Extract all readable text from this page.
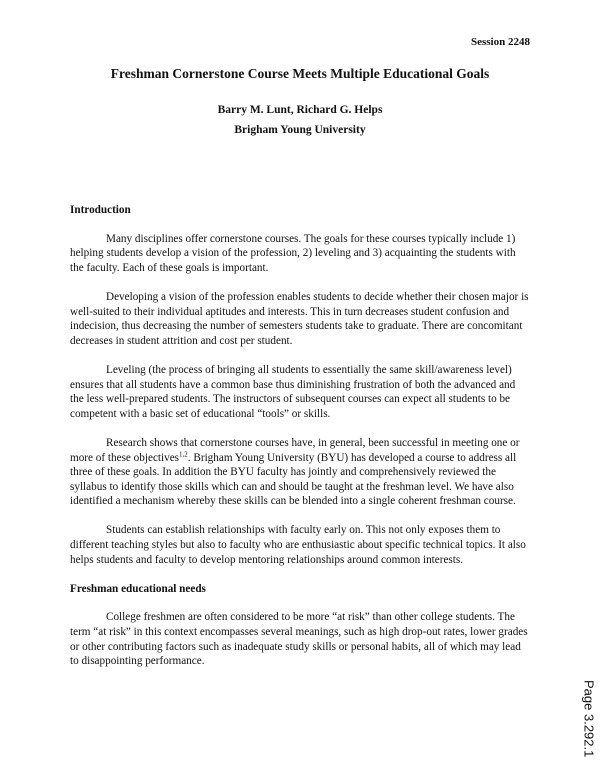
Session 2248
Freshman Cornerstone Course Meets Multiple Educational Goals
Barry M. Lunt, Richard G. Helps
Brigham Young University
Introduction

Many disciplines offer cornerstone courses. The goals for these courses typically include 1) helping students develop a vision of the profession, 2) leveling and 3) acquainting the students with the faculty. Each of these goals is important.

Developing a vision of the profession enables students to decide whether their chosen major is well-suited to their individual aptitudes and interests. This in turn decreases student confusion and indecision, thus decreasing the number of semesters students take to graduate. There are concomitant decreases in student attrition and cost per student.

Leveling (the process of bringing all students to essentially the same skill/awareness level) ensures that all students have a common base thus diminishing frustration of both the advanced and the less well-prepared students. The instructors of subsequent courses can expect all students to be competent with a basic set of educational “tools” or skills.

Research shows that cornerstone courses have, in general, been successful in meeting one or more of these objectives$^{1,2}$. Brigham Young University (BYU) has developed a course to address all three of these goals. In addition the BYU faculty has jointly and comprehensively reviewed the syllabus to identify those skills which can and should be taught at the freshman level. We have also identified a mechanism whereby these skills can be blended into a single coherent freshman course.

Students can establish relationships with faculty early on. This not only exposes them to different teaching styles but also to faculty who are enthusiastic about specific technical topics. It also helps students and faculty to develop mentoring relationships around common interests.

Freshman educational needs

College freshmen are often considered to be more “at risk” than other college students. The term “at risk” in this context encompasses several meanings, such as high drop-out rates, lower grades or other contributing factors such as inadequate study skills or personal habits, all of which may lead to disappointing performance.

Page 3.292.1
